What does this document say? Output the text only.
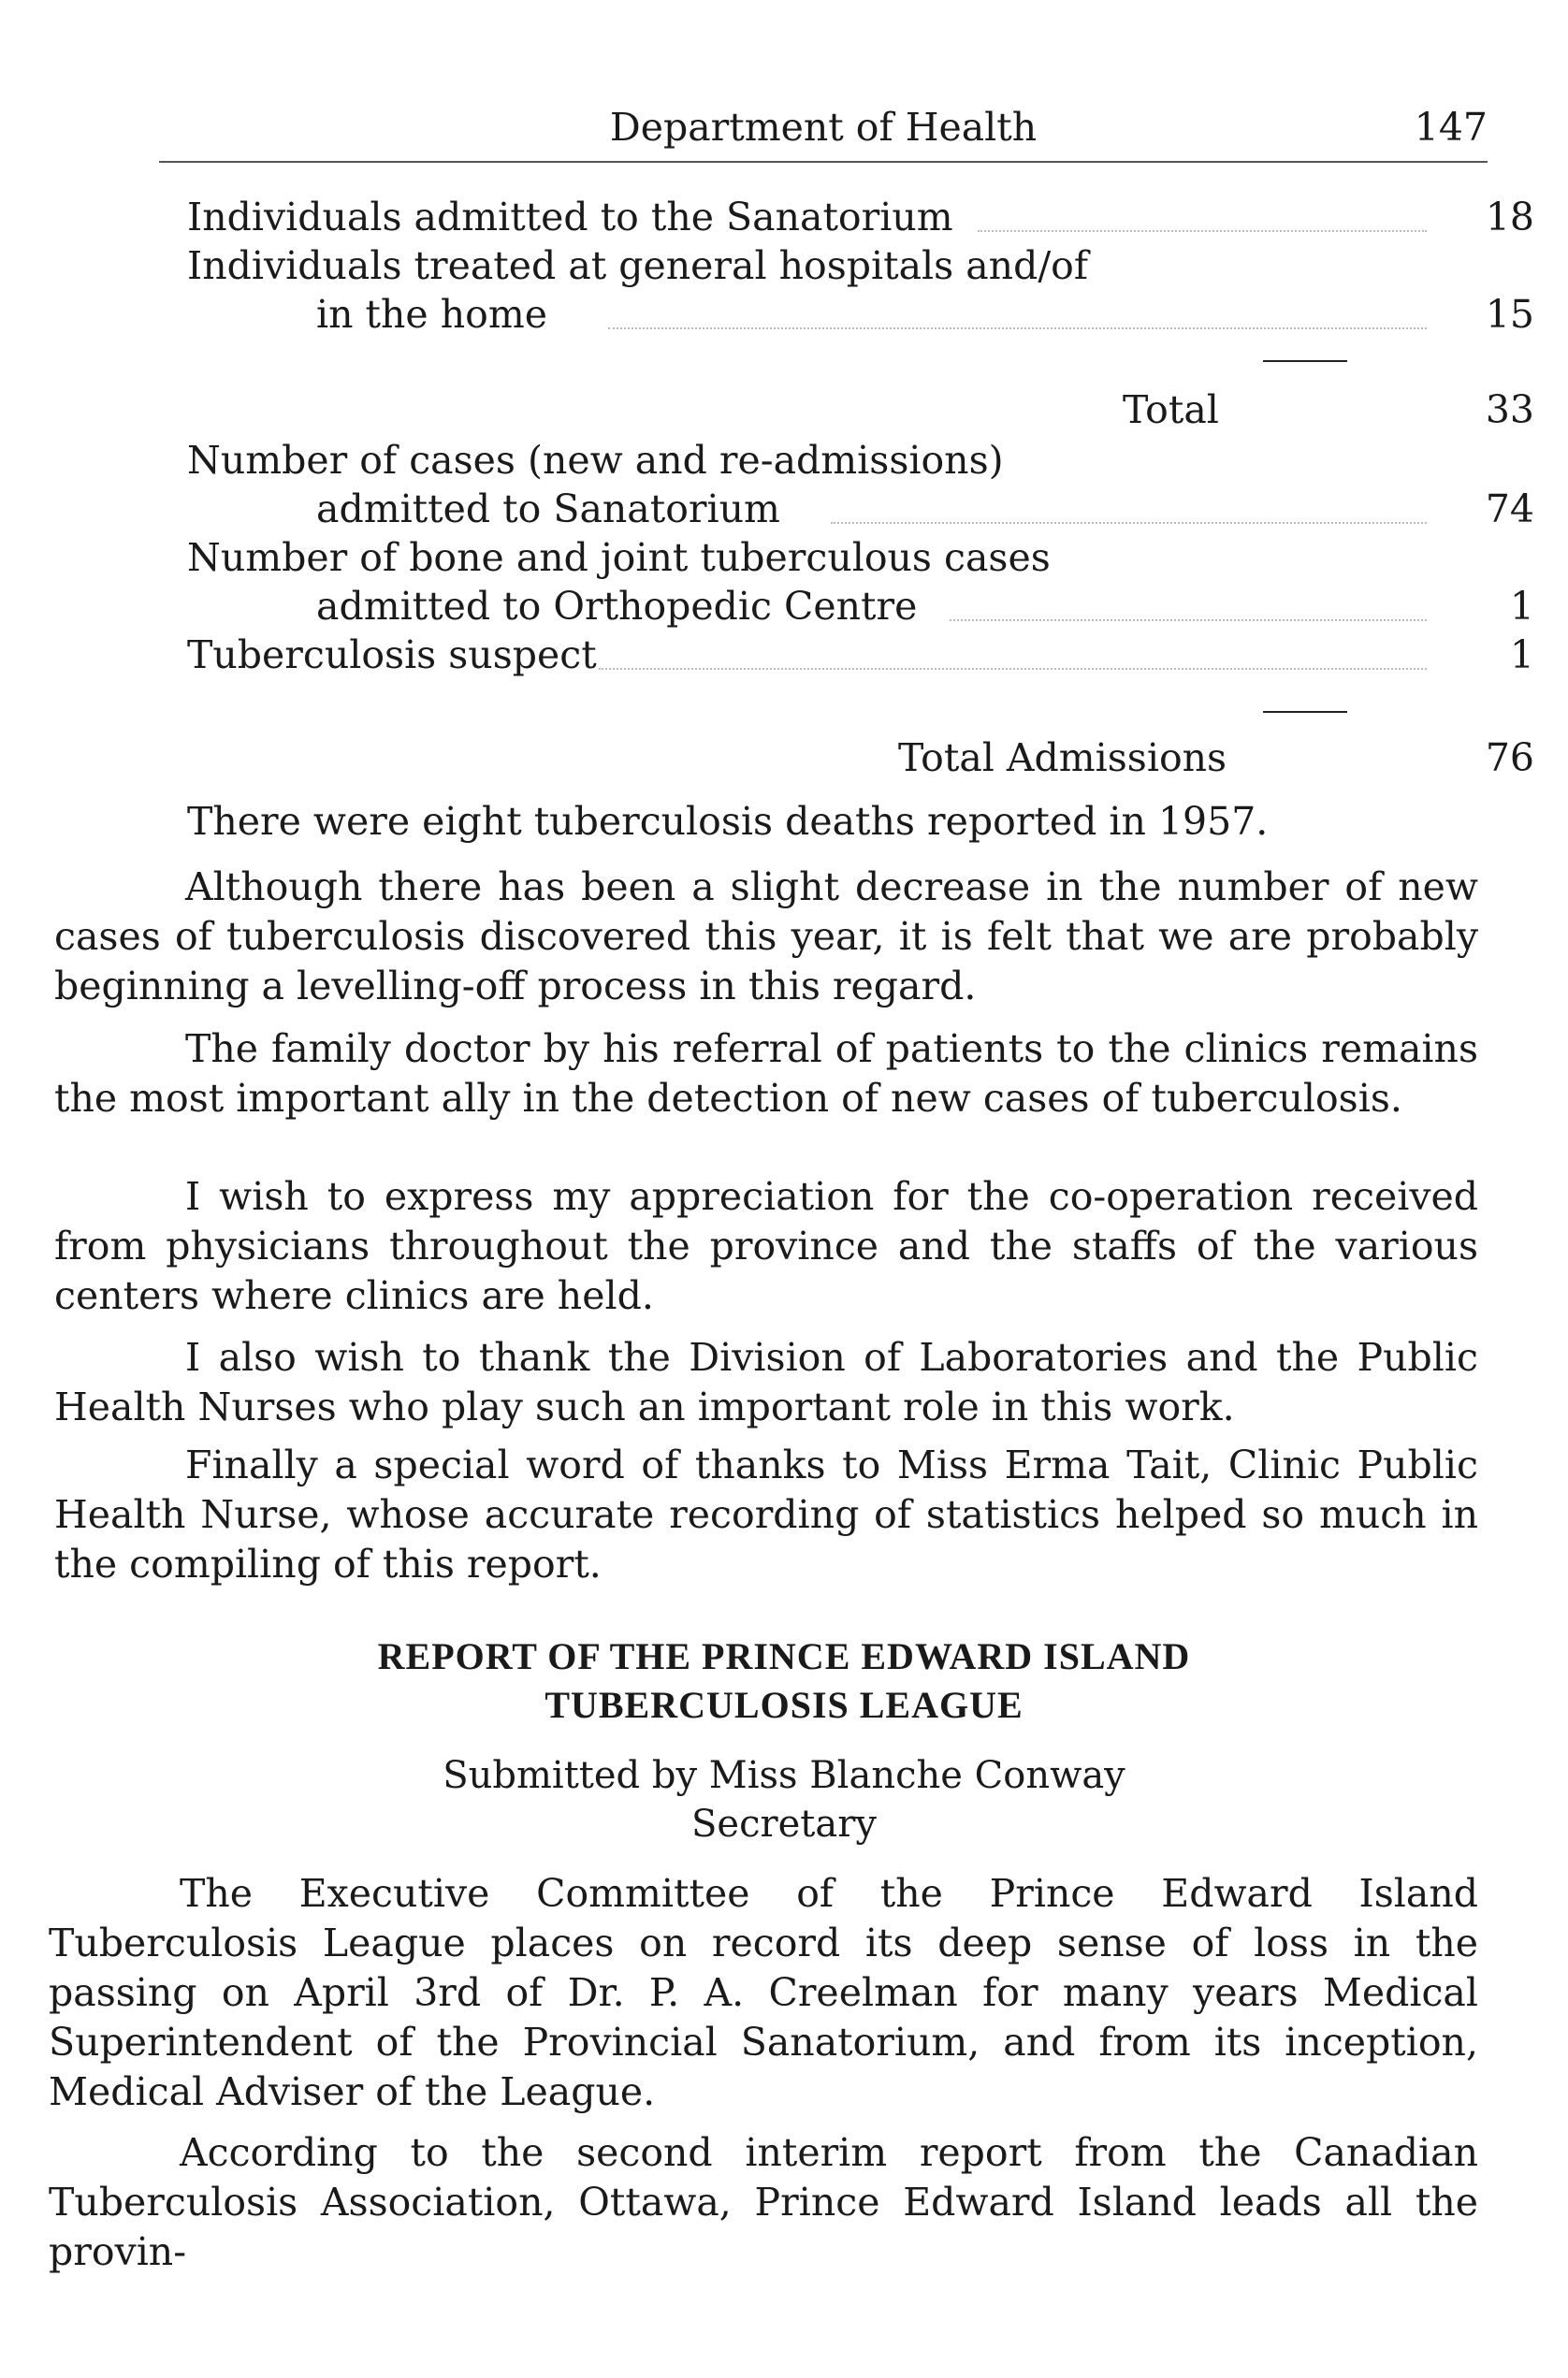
Department of Health	147
Individuals admitted to the Sanatorium	18
Individuals treated at general hospitals and/of
in the home	15
Total	33
Number of cases (new and re-admissions)
admitted to Sanatorium	74
Number of bone and joint tuberculous cases
admitted to Orthopedic Centre	1
Tuberculosis suspect	1
Total Admissions	76
There were eight tuberculosis deaths reported in 1957.
Although there has been a slight decrease in the number of new cases of tuberculosis discovered this year, it is felt that we are probably beginning a levelling-off process in this regard.
The family doctor by his referral of patients to the clinics remains the most important ally in the detection of new cases of tuberculosis.
I wish to express my appreciation for the co-operation received from physicians throughout the province and the staffs of the various centers where clinics are held.
I also wish to thank the Division of Laboratories and the Public Health Nurses who play such an important role in this work.
Finally a special word of thanks to Miss Erma Tait, Clinic Public Health Nurse, whose accurate recording of statistics helped so much in the compiling of this report.
REPORT OF THE PRINCE EDWARD ISLAND
TUBERCULOSIS LEAGUE
Submitted by Miss Blanche Conway
Secretary
The Executive Committee of the Prince Edward Island Tuberculosis League places on record its deep sense of loss in the passing on April 3rd of Dr. P. A. Creelman for many years Medical Superintendent of the Provincial Sanatorium, and from its inception, Medical Adviser of the League.
According to the second interim report from the Canadian Tuberculosis Association, Ottawa, Prince Edward Island leads all the provin-
